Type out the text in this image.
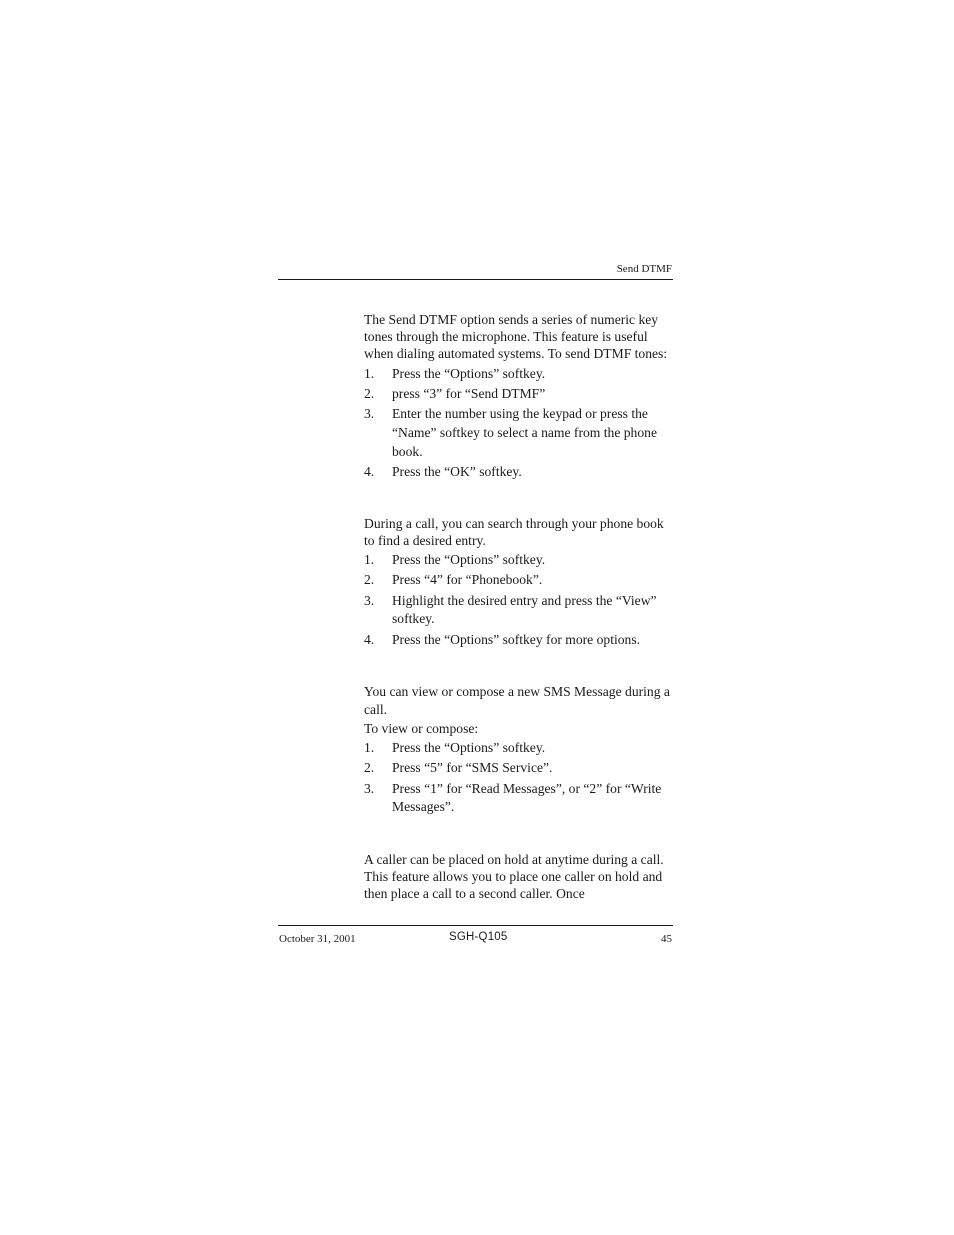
Send DTMF

The Send DTMF option sends a series of numeric key tones through the microphone. This feature is useful when dialing automated systems. To send DTMF tones:

1. Press the “Options” softkey.
2. press “3” for “Send DTMF”
3. Enter the number using the keypad or press the “Name” softkey to select a name from the phone book.
4. Press the “OK” softkey.

During a call, you can search through your phone book to find a desired entry.

1. Press the “Options” softkey.
2. Press “4” for “Phonebook”.
3. Highlight the desired entry and press the “View” softkey.
4. Press the “Options” softkey for more options.

You can view or compose a new SMS Message during a call.

To view or compose:

1. Press the “Options” softkey.
2. Press “5” for “SMS Service”.
3. Press “1” for “Read Messages”, or “2” for “Write Messages”.

A caller can be placed on hold at anytime during a call. This feature allows you to place one caller on hold and then place a call to a second caller. Once

October 31, 2001	SGH-Q105	45
